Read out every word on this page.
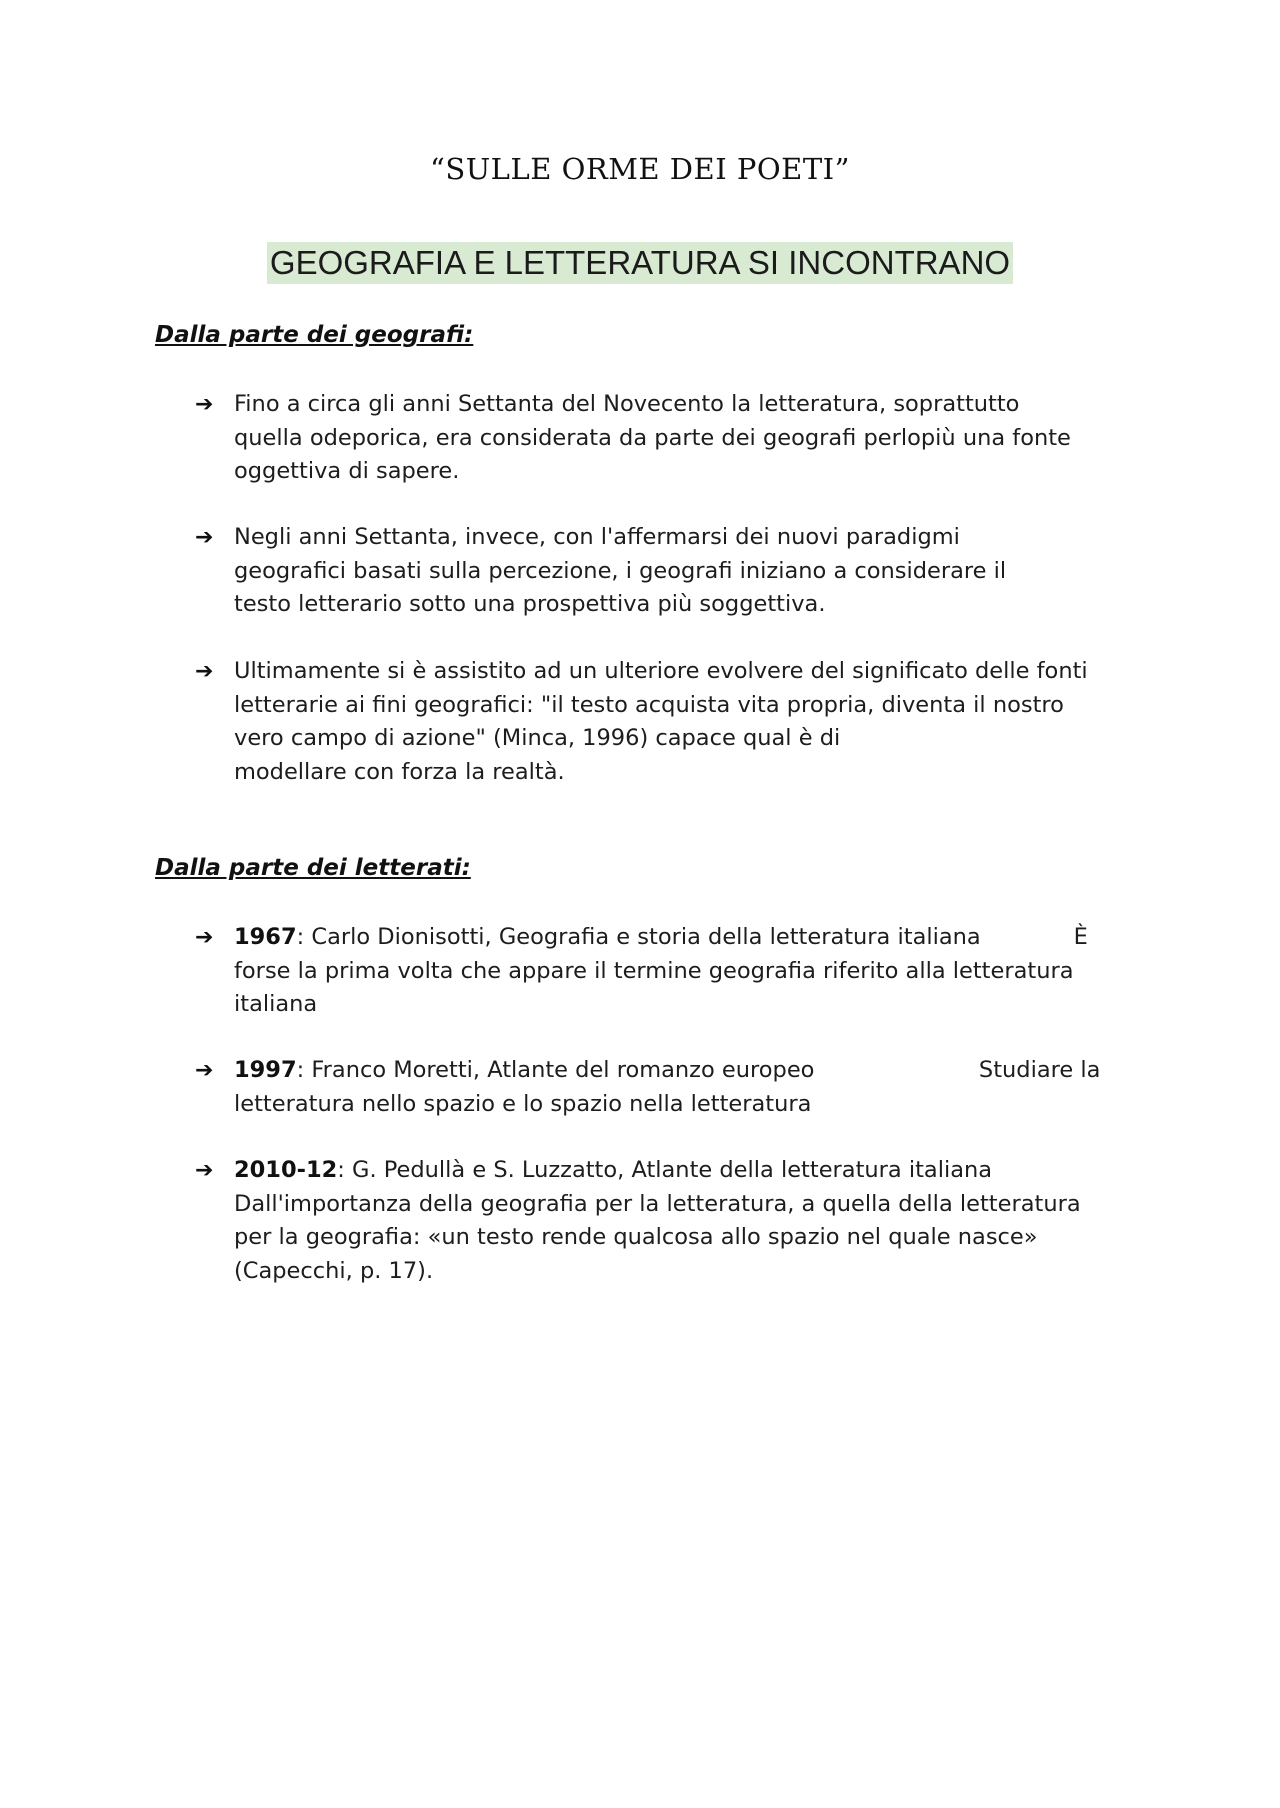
“SULLE ORME DEI POETI”
GEOGRAFIA E LETTERATURA SI INCONTRANO
Dalla parte dei geografi:
➔ Fino a circa gli anni Settanta del Novecento la letteratura, soprattutto
quella odeporica, era considerata da parte dei geografi perlopiù una fonte
oggettiva di sapere.
➔ Negli anni Settanta, invece, con l'affermarsi dei nuovi paradigmi
geografici basati sulla percezione, i geografi iniziano a considerare il
testo letterario sotto una prospettiva più soggettiva.
➔ Ultimamente si è assistito ad un ulteriore evolvere del significato delle fonti
letterarie ai fini geografici: "il testo acquista vita propria, diventa il nostro
vero campo di azione" (Minca, 1996) capace qual è di
modellare con forza la realtà.
Dalla parte dei letterati:
➔ 1967: Carlo Dionisotti, Geografia e storia della letteratura italiana             È
forse la prima volta che appare il termine geografia riferito alla letteratura
italiana
➔ 1997: Franco Moretti, Atlante del romanzo europeo                       Studiare la
letteratura nello spazio e lo spazio nella letteratura
➔ 2010-12: G. Pedullà e S. Luzzatto, Atlante della letteratura italiana
Dall'importanza della geografia per la letteratura, a quella della letteratura
per la geografia: «un testo rende qualcosa allo spazio nel quale nasce»
(Capecchi, p. 17).
